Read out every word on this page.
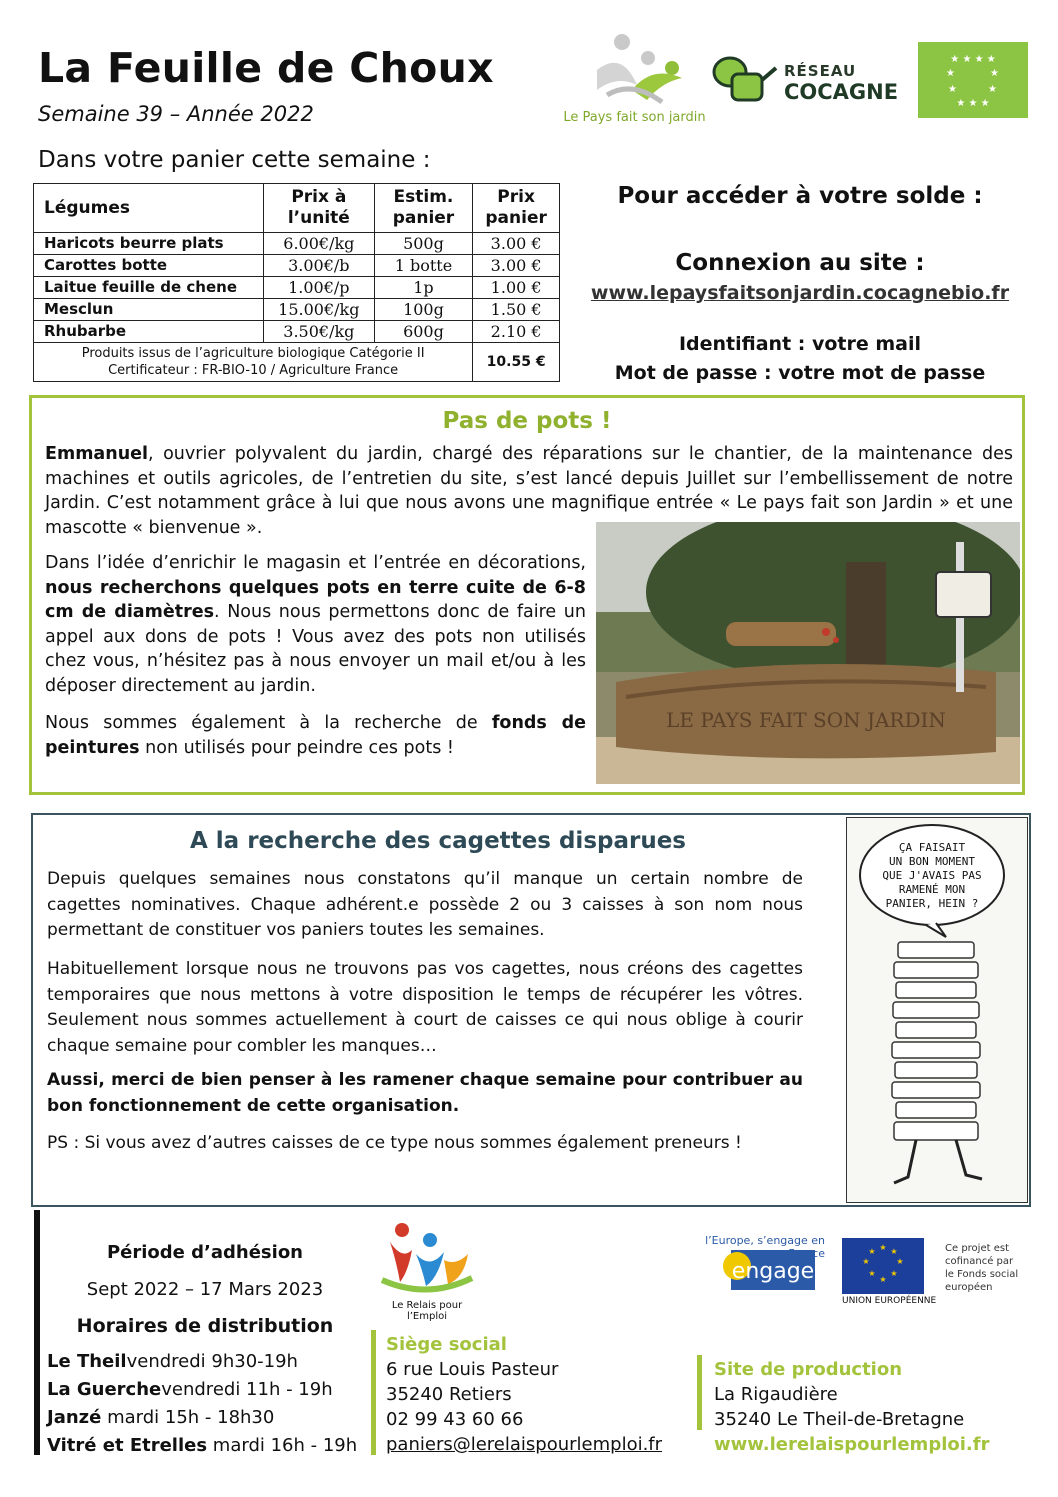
La Feuille de Choux
Semaine 39 – Année 2022
Dans votre panier cette semaine :
Le Pays fait son jardin
RÉSEAU
COCAGNE
★ ★ ★ ★
★	★
★	★
★ ★ ★
Légumes	Prix à l’unité	Estim. panier	Prix panier
Haricots beurre plats	6.00€/kg	500g	3.00 €
Carottes botte	3.00€/b	1 botte	3.00 €
Laitue feuille de chene	1.00€/p	1p	1.00 €
Mesclun	15.00€/kg	100g	1.50 €
Rhubarbe	3.50€/kg	600g	2.10 €

Produits issus de l’agriculture biologique Catégorie II
Certificateur : FR-BIO-10 / Agriculture France			10.55 €
Pour accéder à votre solde :
Connexion au site :
www.lepaysfaitsonjardin.cocagnebio.fr
Identifiant : votre mail
Mot de passe : votre mot de passe
Pas de pots !

Emmanuel, ouvrier polyvalent du jardin, chargé des réparations sur le chantier, de la maintenance des machines et outils agricoles, de l’entretien du site, s’est lancé depuis Juillet sur l’embellissement de notre Jardin. C’est notamment grâce à lui que nous avons une magnifique entrée « Le pays fait son Jardin » et une mascotte « bienvenue ».

Dans l’idée d’enrichir le magasin et l’entrée en décorations, nous recherchons quelques pots en terre cuite de 6-8 cm de diamètres. Nous nous permettons donc de faire un appel aux dons de pots ! Vous avez des pots non utilisés chez vous, n’hésitez pas à nous envoyer un mail et/ou à les déposer directement au jardin.

Nous sommes également à la recherche de fonds de peintures non utilisés pour peindre ces pots !

LE PAYS FAIT SON JARDIN
A la recherche des cagettes disparues

Depuis quelques semaines nous constatons qu’il manque un certain nombre de cagettes nominatives. Chaque adhérent.e possède 2 ou 3 caisses à son nom nous permettant de constituer vos paniers toutes les semaines.

Habituellement lorsque nous ne trouvons pas vos cagettes, nous créons des cagettes temporaires que nous mettons à votre disposition le temps de récupérer les vôtres. Seulement nous sommes actuellement à court de caisses ce qui nous oblige à courir chaque semaine pour combler les manques…

Aussi, merci de bien penser à les ramener chaque semaine pour contribuer au bon fonctionnement de cette organisation.

PS : Si vous avez d’autres caisses de ce type nous sommes également preneurs !

ÇA FAISAIT
UN BON MOMENT
QUE J'AVAIS PAS
RAMENÉ MON
PANIER, HEIN ?
Période d’adhésion
Sept 2022 – 17 Mars 2023
Horaires de distribution
Le Theilvendredi 9h30-19h
La Guerchevendredi 11h - 19h
Janzé mardi 15h - 18h30
Vitré et Etrelles mardi 16h - 19h
Le Relais pour l’Emploi
engage
l’Europe, s’engage en France	★ ★
★
★
★
★
★
★
UNION EUROPÉENNE
Ce projet est cofinancé par le Fonds social européen
Siège social
6 rue Louis Pasteur
35240 Retiers
02 99 43 60 66
paniers@lerelaispourlemploi.fr
Site de production
La Rigaudière
35240 Le Theil-de-Bretagne
www.lerelaispourlemploi.fr
